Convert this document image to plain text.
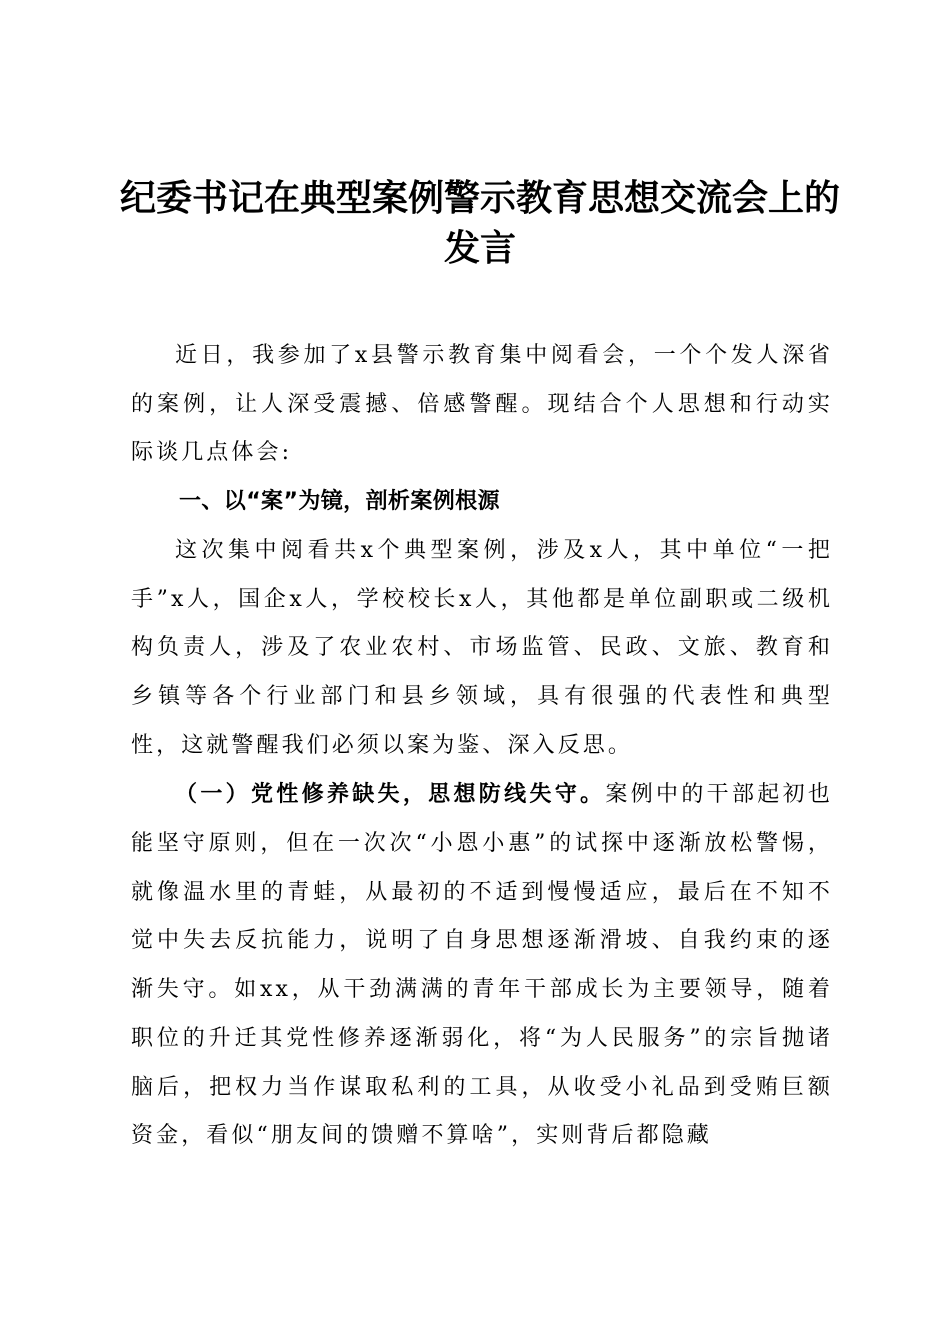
纪委书记在典型案例警示教育思想交流会上的
发言

近日，我参加了x县警示教育集中阅看会，一个个发人深省的案例，让人深受震撼、倍感警醒。现结合个人思想和行动实际谈几点体会:

一、以“案”为镜，剖析案例根源

这次集中阅看共x个典型案例，涉及x人，其中单位“一把手”x人，国企x人，学校校长x人，其他都是单位副职或二级机构负责人，涉及了农业农村、市场监管、民政、文旅、教育和乡镇等各个行业部门和县乡领域，具有很强的代表性和典型性，这就警醒我们必须以案为鉴、深入反思。

（一）党性修养缺失，思想防线失守。案例中的干部起初也能坚守原则，但在一次次“小恩小惠”的试探中逐渐放松警惕，就像温水里的青蛙，从最初的不适到慢慢适应，最后在不知不觉中失去反抗能力，说明了自身思想逐渐滑坡、自我约束的逐渐失守。如xx，从干劲满满的青年干部成长为主要领导，随着职位的升迁其党性修养逐渐弱化，将“为人民服务”的宗旨抛诸脑后，把权力当作谋取私利的工具，从收受小礼品到受贿巨额资金，看似“朋友间的馈赠不算啥”，实则背后都隐藏
